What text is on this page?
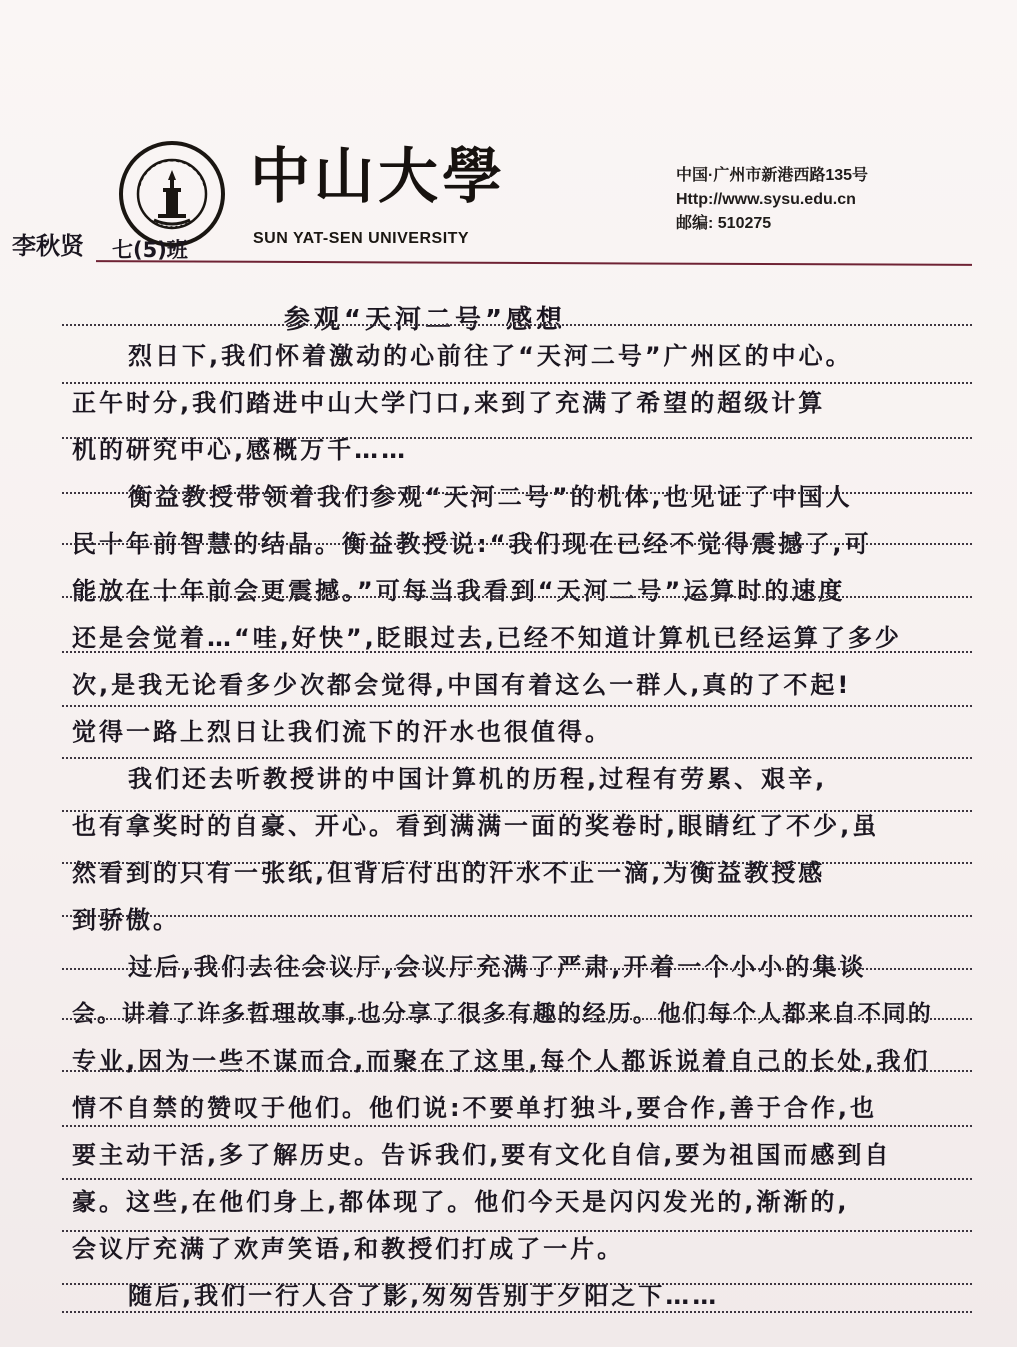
中山大學
SUN YAT-SEN UNIVERSITY
中国·广州市新港西路135号
Http://www.sysu.edu.cn
邮编: 510275
李秋贤 七(5)班
参观“天河二号”感想
烈日下,我们怀着激动的心前往了“天河二号”广州区的中心。
正午时分,我们踏进中山大学门口,来到了充满了希望的超级计算
机的研究中心,感概万千……
衡益教授带领着我们参观“天河二号”的机体,也见证了中国人
民十年前智慧的结晶。衡益教授说:“我们现在已经不觉得震撼了,可
能放在十年前会更震撼。”可每当我看到“天河二号”运算时的速度
还是会觉着…“哇,好快”,眨眼过去,已经不知道计算机已经运算了多少
次,是我无论看多少次都会觉得,中国有着这么一群人,真的了不起!
觉得一路上烈日让我们流下的汗水也很值得。
我们还去听教授讲的中国计算机的历程,过程有劳累、艰辛,
也有拿奖时的自豪、开心。看到满满一面的奖卷时,眼睛红了不少,虽
然看到的只有一张纸,但背后付出的汗水不止一滴,为衡益教授感
到骄傲。
过后,我们去往会议厅,会议厅充满了严肃,开着一个小小的集谈
会。讲着了许多哲理故事,也分享了很多有趣的经历。他们每个人都来自不同的
专业,因为一些不谋而合,而聚在了这里,每个人都诉说着自己的长处,我们
情不自禁的赞叹于他们。他们说:不要单打独斗,要合作,善于合作,也
要主动干活,多了解历史。告诉我们,要有文化自信,要为祖国而感到自
豪。这些,在他们身上,都体现了。他们今天是闪闪发光的,渐渐的,
会议厅充满了欢声笑语,和教授们打成了一片。
随后,我们一行人合了影,匆匆告别于夕阳之下……
